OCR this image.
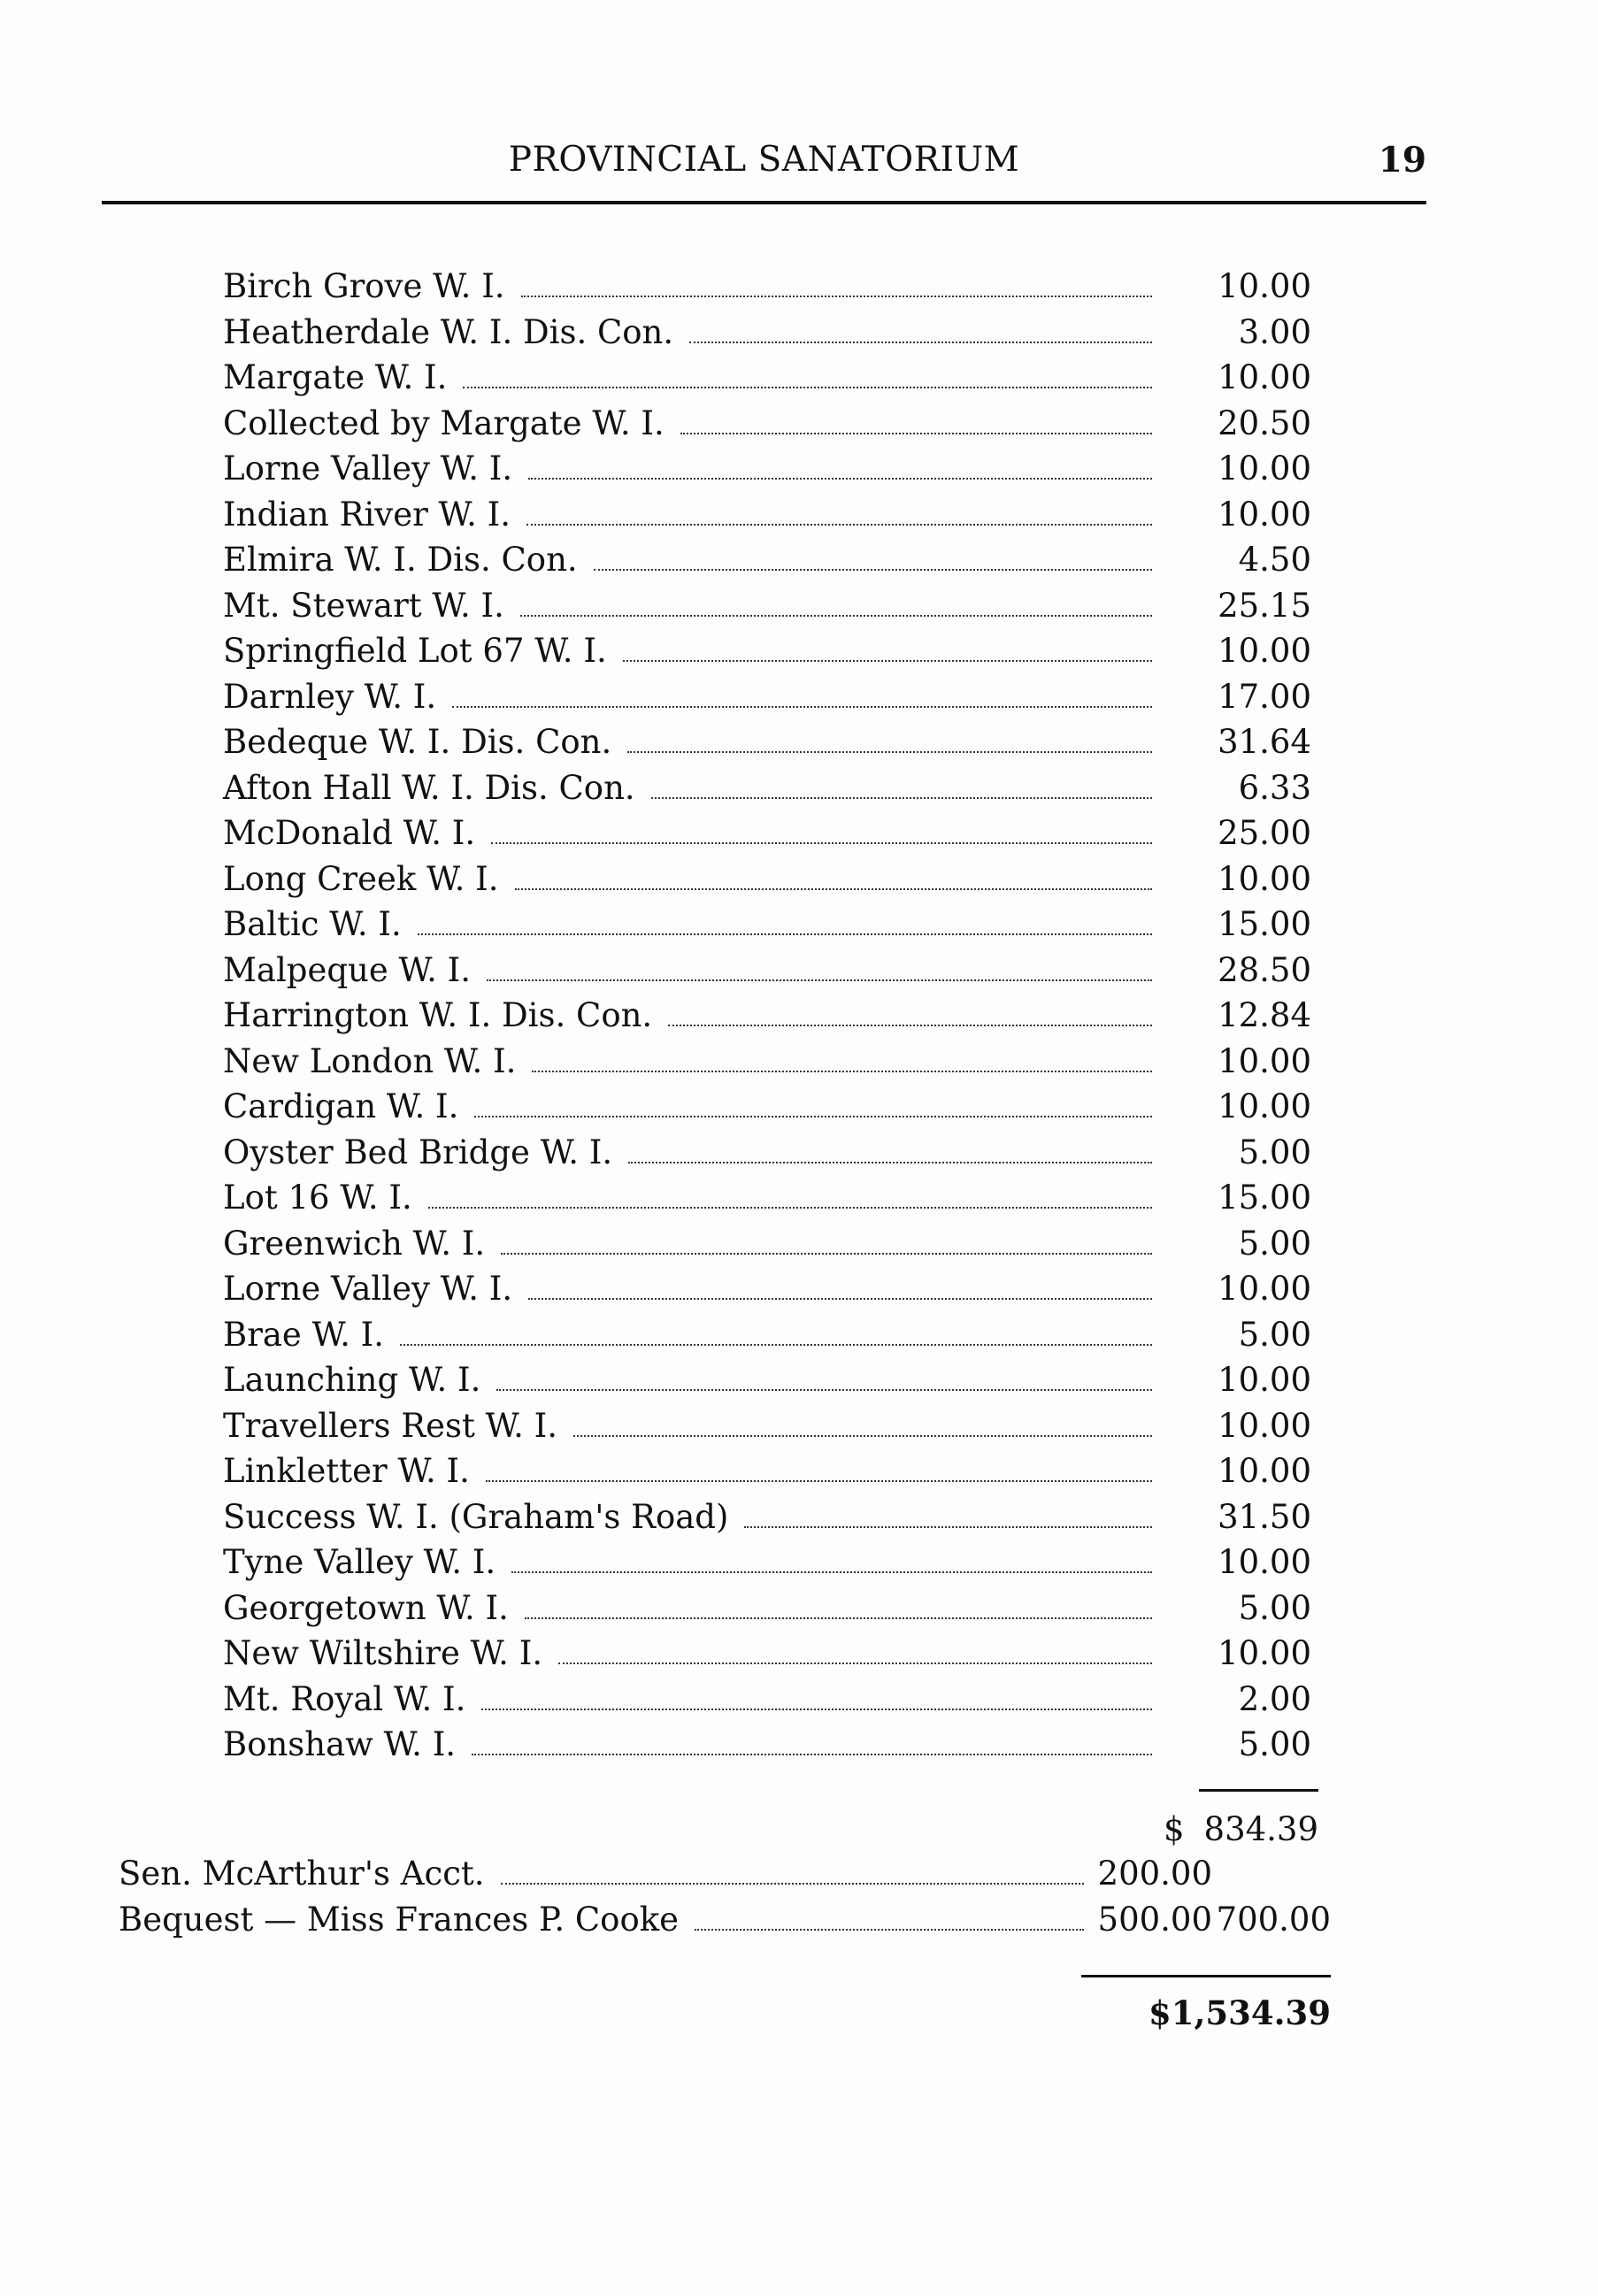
PROVINCIAL SANATORIUM	19
Birch Grove W. I.	10.00
Heatherdale W. I. Dis. Con.	3.00
Margate W. I.	10.00
Collected by Margate W. I.	20.50
Lorne Valley W. I.	10.00
Indian River W. I.	10.00
Elmira W. I. Dis. Con.	4.50
Mt. Stewart W. I.	25.15
Springfield Lot 67 W. I.	10.00
Darnley W. I.	17.00
Bedeque W. I. Dis. Con.	31.64
Afton Hall W. I. Dis. Con.	6.33
McDonald W. I.	25.00
Long Creek W. I.	10.00
Baltic W. I.	15.00
Malpeque W. I.	28.50
Harrington W. I. Dis. Con.	12.84
New London W. I.	10.00
Cardigan W. I.	10.00
Oyster Bed Bridge W. I.	5.00
Lot 16 W. I.	15.00
Greenwich W. I.	5.00
Lorne Valley W. I.	10.00
Brae W. I.	5.00
Launching W. I.	10.00
Travellers Rest W. I.	10.00
Linkletter W. I.	10.00
Success W. I. (Graham's Road)	31.50
Tyne Valley W. I.	10.00
Georgetown W. I.	5.00
New Wiltshire W. I.	10.00
Mt. Royal W. I.	2.00
Bonshaw W. I.	5.00
$ 834.39
Sen. McArthur's Acct.	200.00
Bequest — Miss Frances P. Cooke	500.00 700.00
$1,534.39
